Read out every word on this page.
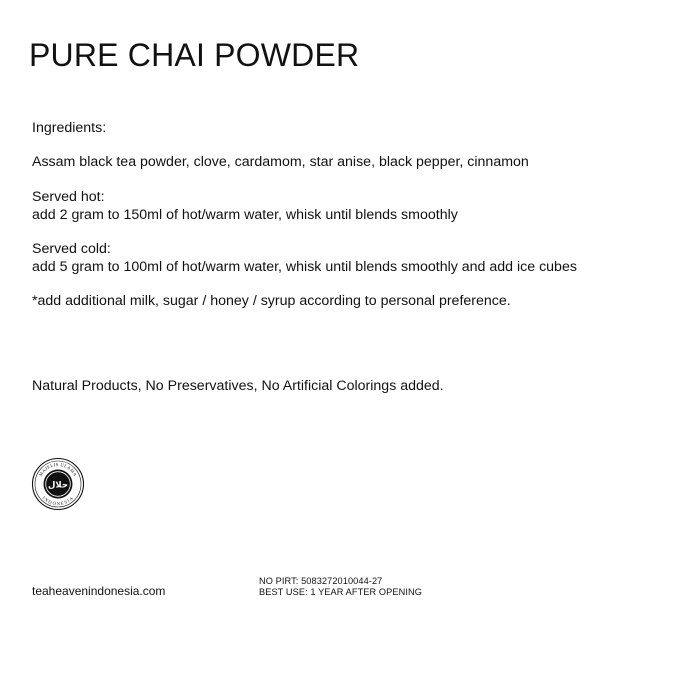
PURE CHAI POWDER
Ingredients:
Assam black tea powder, clove, cardamom, star anise, black pepper, cinnamon
Served hot:
add 2 gram to 150ml of hot/warm water, whisk until blends smoothly
Served cold:
add 5 gram to 100ml of hot/warm water, whisk until blends smoothly and add ice cubes
*add additional milk, sugar / honey / syrup according to personal preference.
Natural Products, No Preservatives, No Artificial Colorings added.
MAJELIS ULAMA
INDONESIA
حلال
teaheavenindonesia.com
NO PIRT: 5083272010044-27
BEST USE: 1 YEAR AFTER OPENING
